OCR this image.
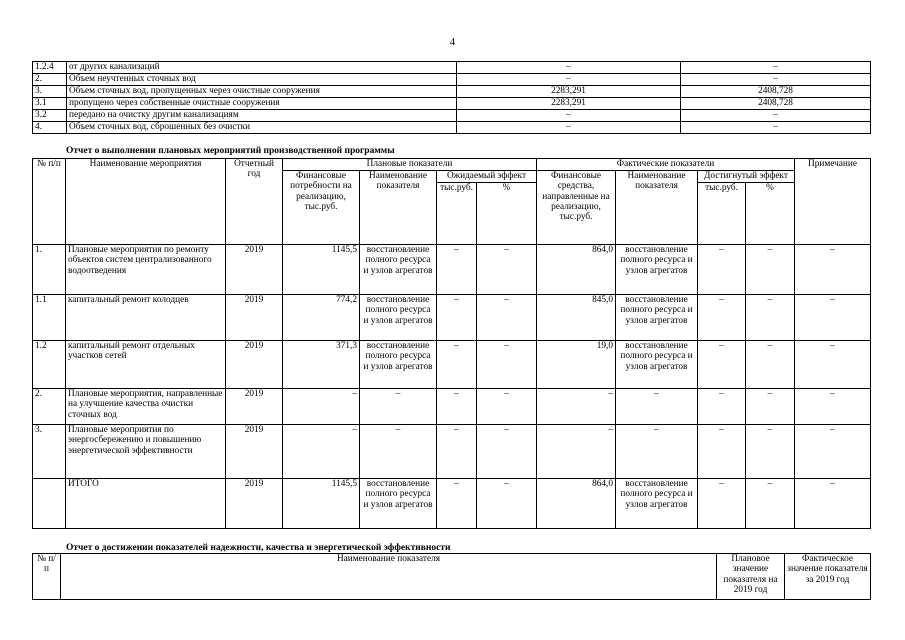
4
1.2.4	от других канализаций	–	–
2.	Объем неучтенных сточных вод	–	–
3.	Объем сточных вод, пропущенных через очистные сооружения	2283,291	2408,728
3.1	пропущено через собственные очистные сооружения	2283,291	2408,728
3.2	передано на очистку другим канализациям	–	–
4.	Объем сточных вод, сброшенных без очистки	–	–
Отчет о выполнении плановых мероприятий производственной программы
№ п/п	Наименование мероприятия	Отчетный год	Плановые показатели				Фактические показатели				Примечание
			Финансовые потребности на реализацию, тыс.руб.	Наименование показателя	Ожидаемый эффект		Финансовые средства, направленные на реализацию, тыс.руб.	Наименование показателя	Достигнутый эффект		
					тыс.руб.	%			тыс.руб.	%	
1.	Плановые мероприятия по ремонту объектов систем централизованного водоотведения	2019	1145,5	восстановление полного ресурса и узлов агрегатов	–	–	864,0	восстановление полного ресурса и узлов агрегатов	–	–	–
1.1	капитальный ремонт колодцев	2019	774,2	восстановление полного ресурса и узлов агрегатов	–	–	845,0	восстановление полного ресурса и узлов агрегатов	–	–	–
1.2	капитальный ремонт отдельных участков сетей	2019	371,3	восстановление полного ресурса и узлов агрегатов	–	–	19,0	восстановление полного ресурса и узлов агрегатов	–	–	–
2.	Плановые мероприятия, направленные на улучшение качества очистки сточных вод	2019	–	–	–	–	–	–	–	–	–
3.	Плановые мероприятия по энергосбережению и повышению энергетической эффективности	2019	–	–	–	–	–	–	–	–	–
	ИТОГО	2019	1145,5	восстановление полного ресурса и узлов агрегатов	–	–	864,0	восстановление полного ресурса и узлов агрегатов	–	–	–
Отчет о достижении показателей надежности, качества и энергетической эффективности
№ п/п	Наименование показателя	Плановое значение показателя на 2019 год	Фактическое значение показателя за 2019 год
